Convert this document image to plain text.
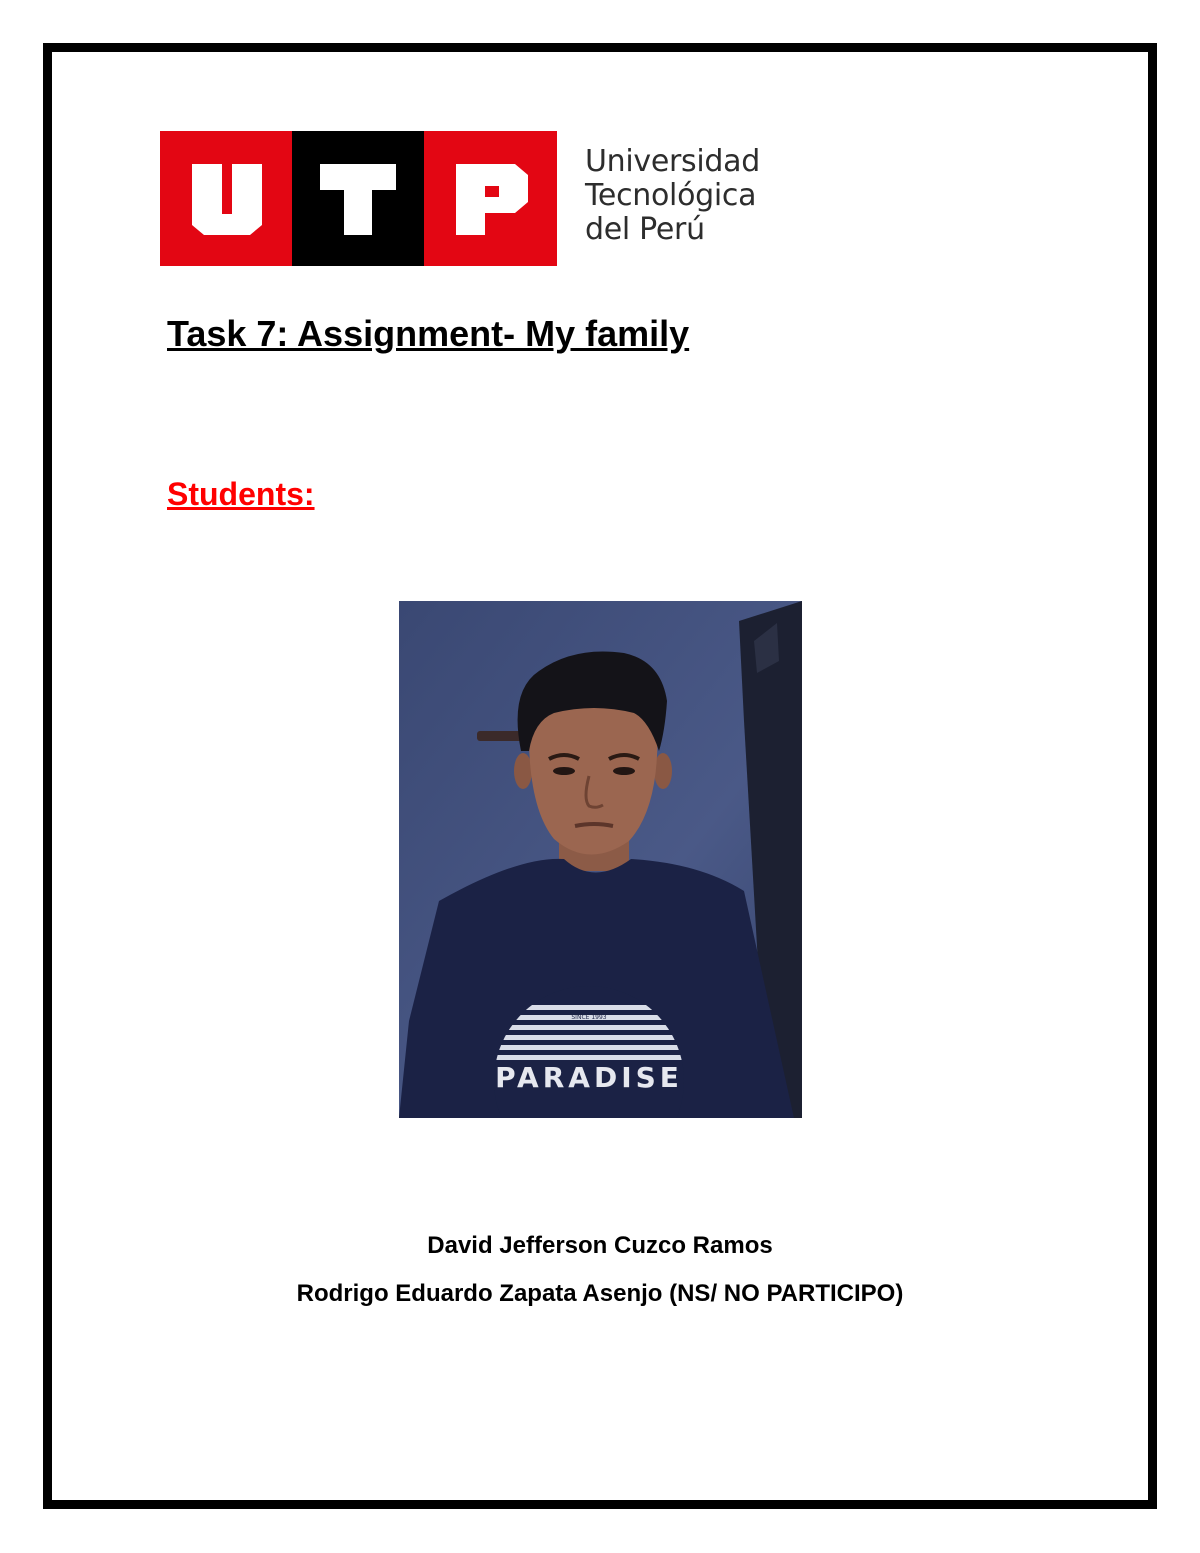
Universidad
Tecnológica
del Perú
Task 7: Assignment- My family
Students:
SINCE 1993
PARADISE
David Jefferson Cuzco Ramos
Rodrigo Eduardo Zapata Asenjo (NS/ NO PARTICIPO)
